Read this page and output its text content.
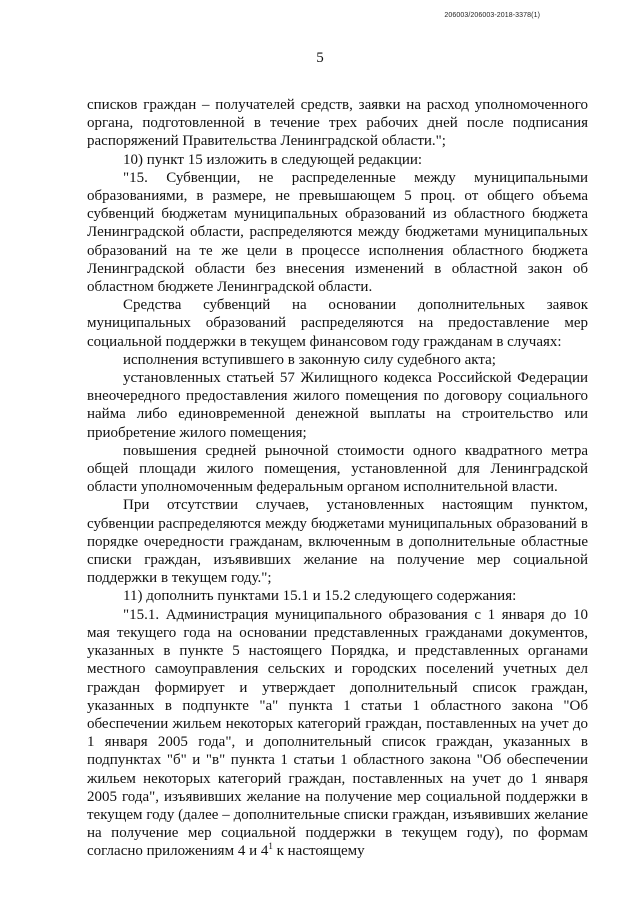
206003/206003-2018-3378(1)
5

списков граждан – получателей средств, заявки на расход уполномоченного органа, подготовленной в течение трех рабочих дней после подписания распоряжений Правительства Ленинградской области.";

10) пункт 15 изложить в следующей редакции:

"15. Субвенции, не распределенные между муниципальными образованиями, в размере, не превышающем 5 проц. от общего объема субвенций бюджетам муниципальных образований из областного бюджета Ленинградской области, распределяются между бюджетами муниципальных образований на те же цели в процессе исполнения областного бюджета Ленинградской области без внесения изменений в областной закон об областном бюджете Ленинградской области.

Средства субвенций на основании дополнительных заявок муниципальных образований распределяются на предоставление мер социальной поддержки в текущем финансовом году гражданам в случаях:

исполнения вступившего в законную силу судебного акта;

установленных статьей 57 Жилищного кодекса Российской Федерации внеочередного предоставления жилого помещения по договору социального найма либо единовременной денежной выплаты на строительство или приобретение жилого помещения;

повышения средней рыночной стоимости одного квадратного метра общей площади жилого помещения, установленной для Ленинградской области уполномоченным федеральным органом исполнительной власти.

При отсутствии случаев, установленных настоящим пунктом, субвенции распределяются между бюджетами муниципальных образований в порядке очередности гражданам, включенным в дополнительные областные списки граждан, изъявивших желание на получение мер социальной поддержки в текущем году.";

11) дополнить пунктами 15.1 и 15.2 следующего содержания:

"15.1. Администрация муниципального образования с 1 января до 10 мая текущего года на основании представленных гражданами документов, указанных в пункте 5 настоящего Порядка, и представленных органами местного самоуправления сельских и городских поселений учетных дел граждан формирует и утверждает дополнительный список граждан, указанных в подпункте "а" пункта 1 статьи 1 областного закона "Об обеспечении жильем некоторых категорий граждан, поставленных на учет до 1 января 2005 года", и дополнительный список граждан, указанных в подпунктах "б" и "в" пункта 1 статьи 1 областного закона "Об обеспечении жильем некоторых категорий граждан, поставленных на учет до 1 января 2005 года", изъявивших желание на получение мер социальной поддержки в текущем году (далее – дополнительные списки граждан, изъявивших желание на получение мер социальной поддержки в текущем году), по формам согласно приложениям 4 и $4^1$ к настоящему
